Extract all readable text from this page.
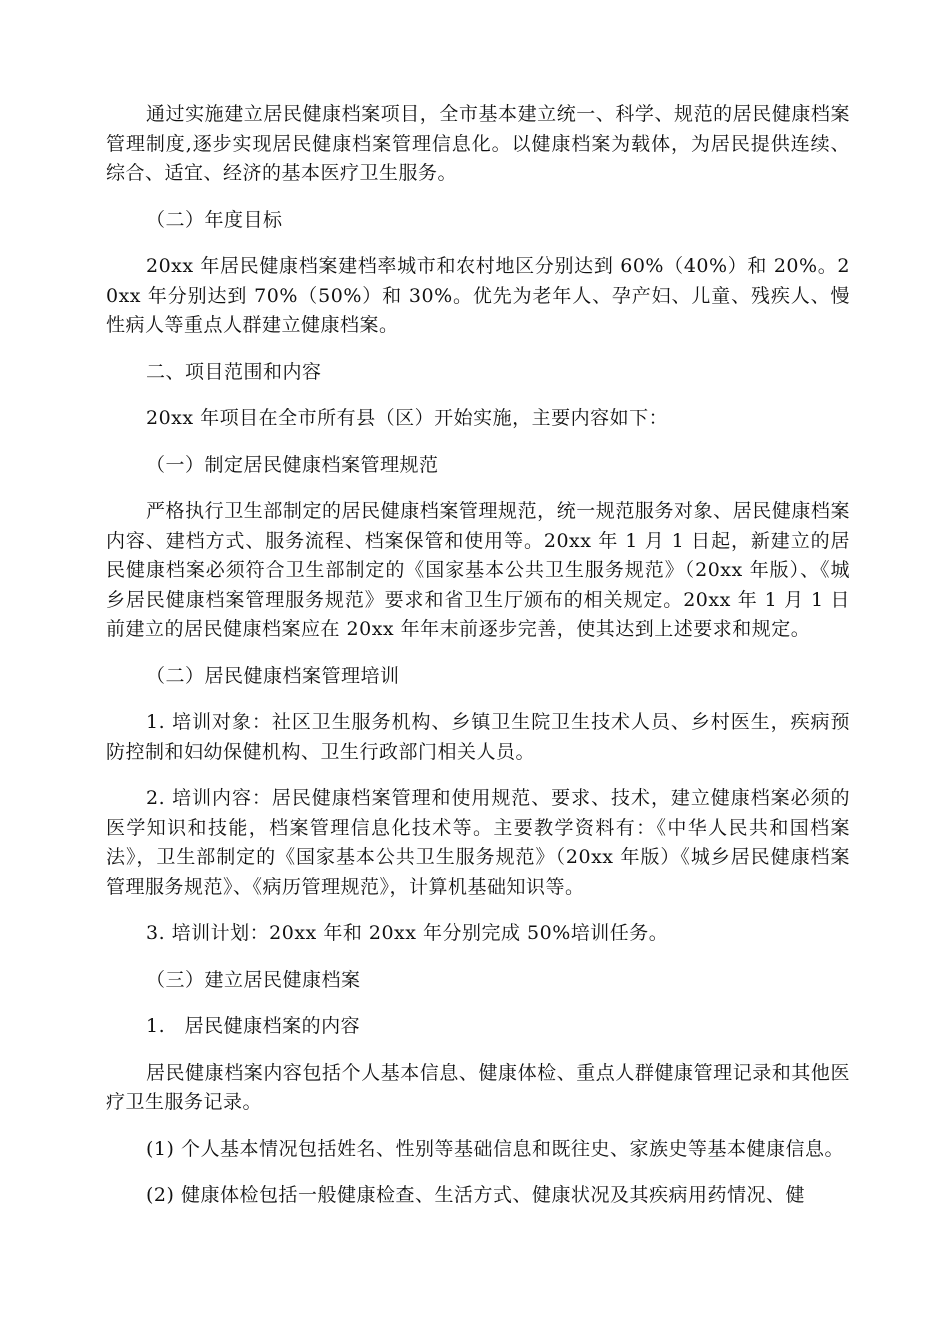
通过实施建立居民健康档案项目，全市基本建立统一、科学、规范的居民健康档案管理制度,逐步实现居民健康档案管理信息化。以健康档案为载体，为居民提供连续、综合、适宜、经济的基本医疗卫生服务。

（二）年度目标

20xx 年居民健康档案建档率城市和农村地区分别达到 60%（40%）和 20%。20xx 年分别达到 70%（50%）和 30%。优先为老年人、孕产妇、儿童、残疾人、慢性病人等重点人群建立健康档案。

二、项目范围和内容

20xx 年项目在全市所有县（区）开始实施，主要内容如下：

（一）制定居民健康档案管理规范

严格执行卫生部制定的居民健康档案管理规范，统一规范服务对象、居民健康档案内容、建档方式、服务流程、档案保管和使用等。20xx 年 1 月 1 日起，新建立的居民健康档案必须符合卫生部制定的《国家基本公共卫生服务规范》（20xx 年版）、《城乡居民健康档案管理服务规范》要求和省卫生厅颁布的相关规定。20xx 年 1 月 1 日前建立的居民健康档案应在 20xx 年年末前逐步完善，使其达到上述要求和规定。

（二）居民健康档案管理培训

1. 培训对象：社区卫生服务机构、乡镇卫生院卫生技术人员、乡村医生，疾病预防控制和妇幼保健机构、卫生行政部门相关人员。

2. 培训内容：居民健康档案管理和使用规范、要求、技术，建立健康档案必须的医学知识和技能，档案管理信息化技术等。主要教学资料有：《中华人民共和国档案法》，卫生部制定的《国家基本公共卫生服务规范》（20xx 年版）《城乡居民健康档案管理服务规范》、《病历管理规范》，计算机基础知识等。

3. 培训计划：20xx 年和 20xx 年分别完成 50%培训任务。

（三）建立居民健康档案

1.　居民健康档案的内容

居民健康档案内容包括个人基本信息、健康体检、重点人群健康管理记录和其他医疗卫生服务记录。

(1) 个人基本情况包括姓名、性别等基础信息和既往史、家族史等基本健康信息。

(2) 健康体检包括一般健康检查、生活方式、健康状况及其疾病用药情况、健
